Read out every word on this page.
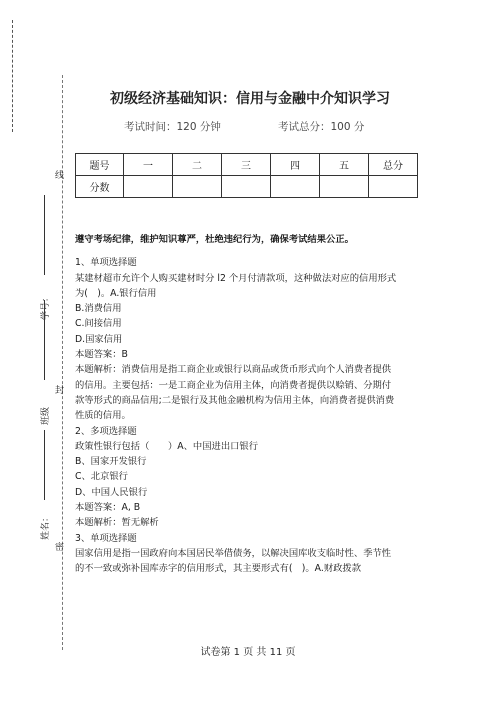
线
封
密
学号：
班级
姓名：
初级经济基础知识：信用与金融中介知识学习
考试时间：120 分钟	考试总分：100 分
题号	一	二	三	四	五	总分
分数						

遵守考场纪律，维护知识尊严，杜绝违纪行为，确保考试结果公正。

1、单项选择题

某建材超市允许个人购买建材时分 l2 个月付清款项，这种做法对应的信用形式

为(　)。A.银行信用

B.消费信用

C.间接信用

D.国家信用

本题答案：B

本题解析：消费信用是指工商企业或银行以商品或货币形式向个人消费者提供

的信用。主要包括：一是工商企业为信用主体，向消费者提供以赊销、分期付

款等形式的商品信用;二是银行及其他金融机构为信用主体，向消费者提供消费

性质的信用。

2、多项选择题

政策性银行包括（　　）A、中国进出口银行

B、国家开发银行

C、北京银行

D、中国人民银行

本题答案：A, B

本题解析：暂无解析

3、单项选择题

国家信用是指一国政府向本国居民举借债务，以解决国库收支临时性、季节性

的不一致或弥补国库赤字的信用形式，其主要形式有(　)。A.财政拨款

试卷第 1 页 共 11 页
